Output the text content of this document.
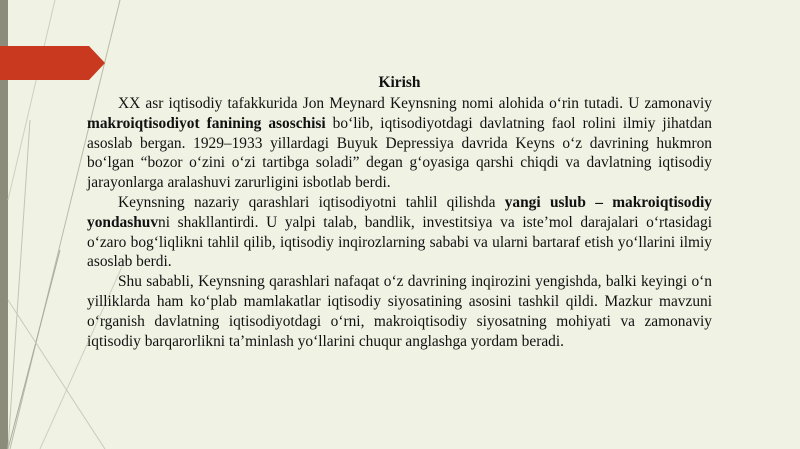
Kirish

XX asr iqtisodiy tafakkurida Jon Meynard Keynsning nomi alohida o‘rin tutadi. U zamonaviy makroiqtisodiyot fanining asoschisi bo‘lib, iqtisodiyotdagi davlatning faol rolini ilmiy jihatdan asoslab bergan. 1929–1933 yillardagi Buyuk Depressiya davrida Keyns o‘z davrining hukmron bo‘lgan “bozor o‘zini o‘zi tartibga soladi” degan g‘oyasiga qarshi chiqdi va davlatning iqtisodiy jarayonlarga aralashuvi zarurligini isbotlab berdi.

Keynsning nazariy qarashlari iqtisodiyotni tahlil qilishda yangi uslub – makroiqtisodiy yondashuvni shakllantirdi. U yalpi talab, bandlik, investitsiya va iste’mol darajalari o‘rtasidagi o‘zaro bog‘liqlikni tahlil qilib, iqtisodiy inqirozlarning sababi va ularni bartaraf etish yo‘llarini ilmiy asoslab berdi.

Shu sababli, Keynsning qarashlari nafaqat o‘z davrining inqirozini yengishda, balki keyingi o‘n yilliklarda ham ko‘plab mamlakatlar iqtisodiy siyosatining asosini tashkil qildi. Mazkur mavzuni o‘rganish davlatning iqtisodiyotdagi o‘rni, makroiqtisodiy siyosatning mohiyati va zamonaviy iqtisodiy barqarorlikni ta’minlash yo‘llarini chuqur anglashga yordam beradi.
